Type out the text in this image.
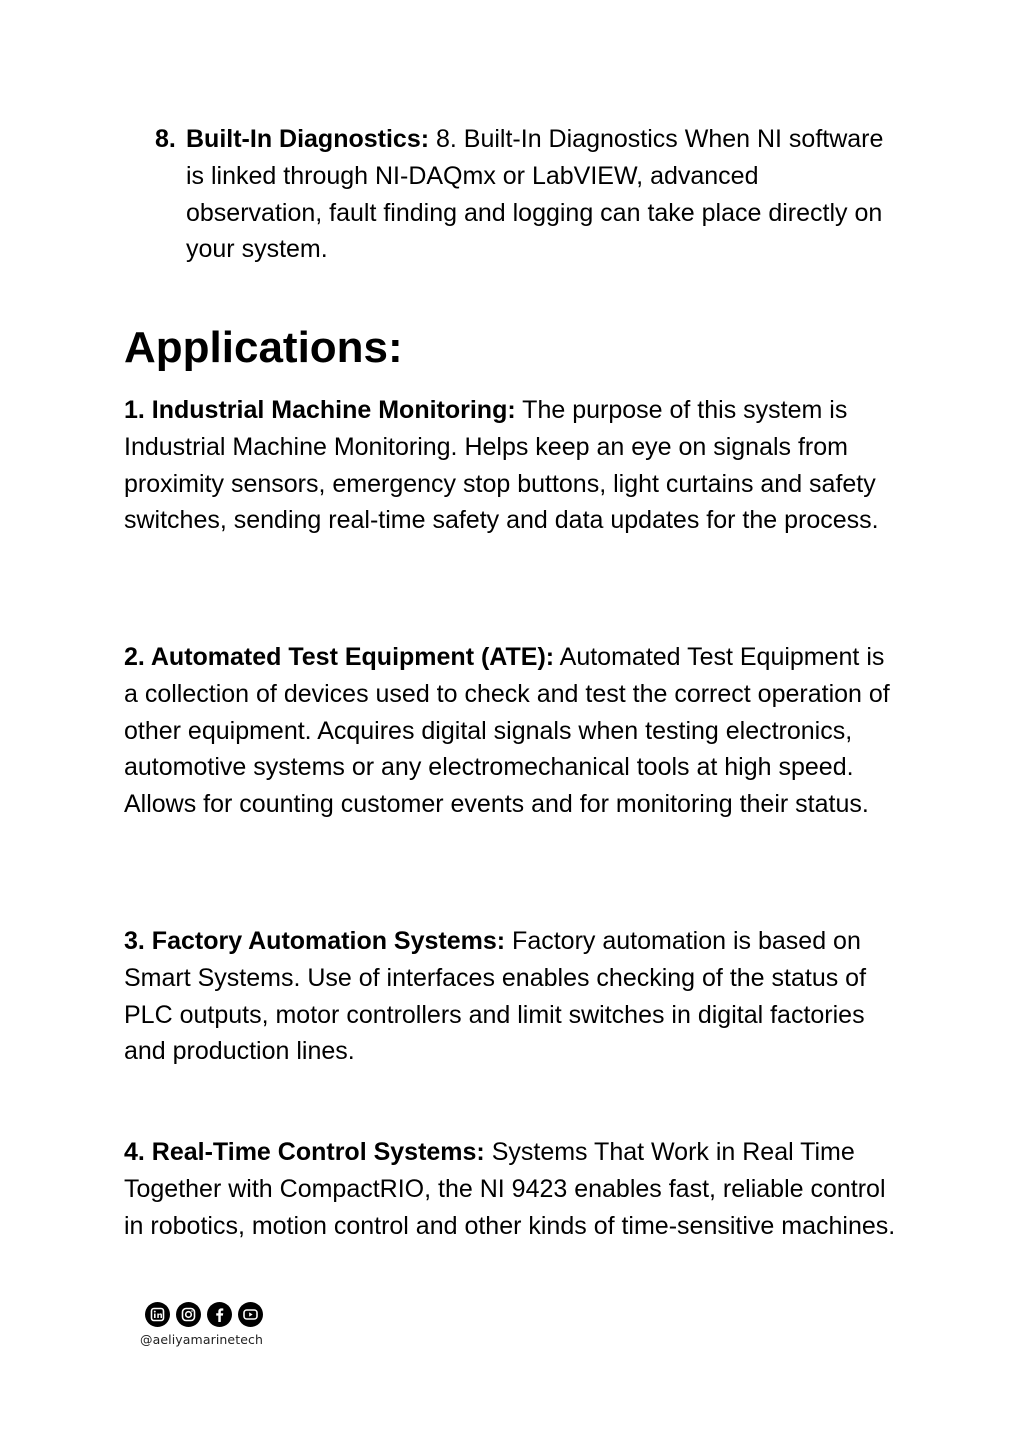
8. Built-In Diagnostics: 8. Built-In Diagnostics When NI software is linked through NI-DAQmx or LabVIEW, advanced observation, fault finding and logging can take place directly on your system.
Applications:

1. Industrial Machine Monitoring: The purpose of this system is Industrial Machine Monitoring. Helps keep an eye on signals from proximity sensors, emergency stop buttons, light curtains and safety switches, sending real-time safety and data updates for the process.

2. Automated Test Equipment (ATE): Automated Test Equipment is a collection of devices used to check and test the correct operation of other equipment. Acquires digital signals when testing electronics, automotive systems or any electromechanical tools at high speed. Allows for counting customer events and for monitoring their status.

3. Factory Automation Systems: Factory automation is based on Smart Systems. Use of interfaces enables checking of the status of PLC outputs, motor controllers and limit switches in digital factories and production lines.

4. Real-Time Control Systems: Systems That Work in Real Time Together with CompactRIO, the NI 9423 enables fast, reliable control in robotics, motion control and other kinds of time-sensitive machines.

@aeliyamarinetech
